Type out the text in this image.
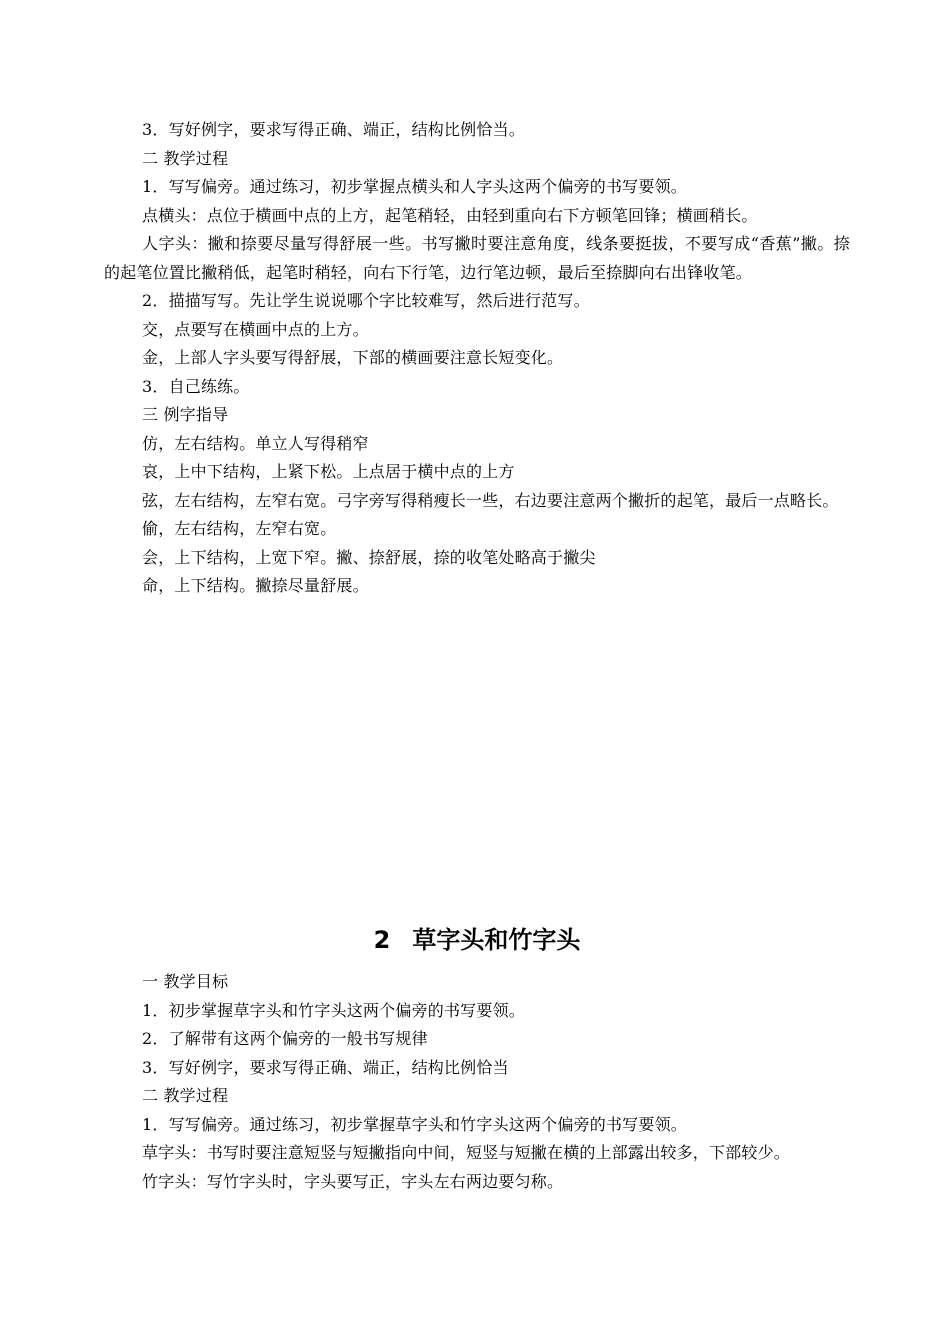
3．写好例字，要求写得正确、端正，结构比例恰当。

二 教学过程

1．写写偏旁。通过练习，初步掌握点横头和人字头这两个偏旁的书写要领。

点横头：点位于横画中点的上方，起笔稍轻，由轻到重向右下方顿笔回锋；横画稍长。

人字头：撇和捺要尽量写得舒展一些。书写撇时要注意角度，线条要挺拔，不要写成“香蕉”撇。捺的起笔位置比撇稍低，起笔时稍轻，向右下行笔，边行笔边顿，最后至捺脚向右出锋收笔。

2．描描写写。先让学生说说哪个字比较难写，然后进行范写。

交，点要写在横画中点的上方。

金，上部人字头要写得舒展，下部的横画要注意长短变化。

3．自己练练。

三 例字指导

仿，左右结构。单立人写得稍窄

哀，上中下结构，上紧下松。上点居于横中点的上方

弦，左右结构，左窄右宽。弓字旁写得稍瘦长一些，右边要注意两个撇折的起笔，最后一点略长。

偷，左右结构，左窄右宽。

会，上下结构，上宽下窄。撇、捺舒展，捺的收笔处略高于撇尖

命，上下结构。撇捺尽量舒展。

2 草字头和竹字头

一 教学目标

1．初步掌握草字头和竹字头这两个偏旁的书写要领。

2．了解带有这两个偏旁的一般书写规律

3．写好例字，要求写得正确、端正，结构比例恰当

二 教学过程

1．写写偏旁。通过练习，初步掌握草字头和竹字头这两个偏旁的书写要领。

草字头：书写时要注意短竖与短撇指向中间，短竖与短撇在横的上部露出较多，下部较少。

竹字头：写竹字头时，字头要写正，字头左右两边要匀称。
